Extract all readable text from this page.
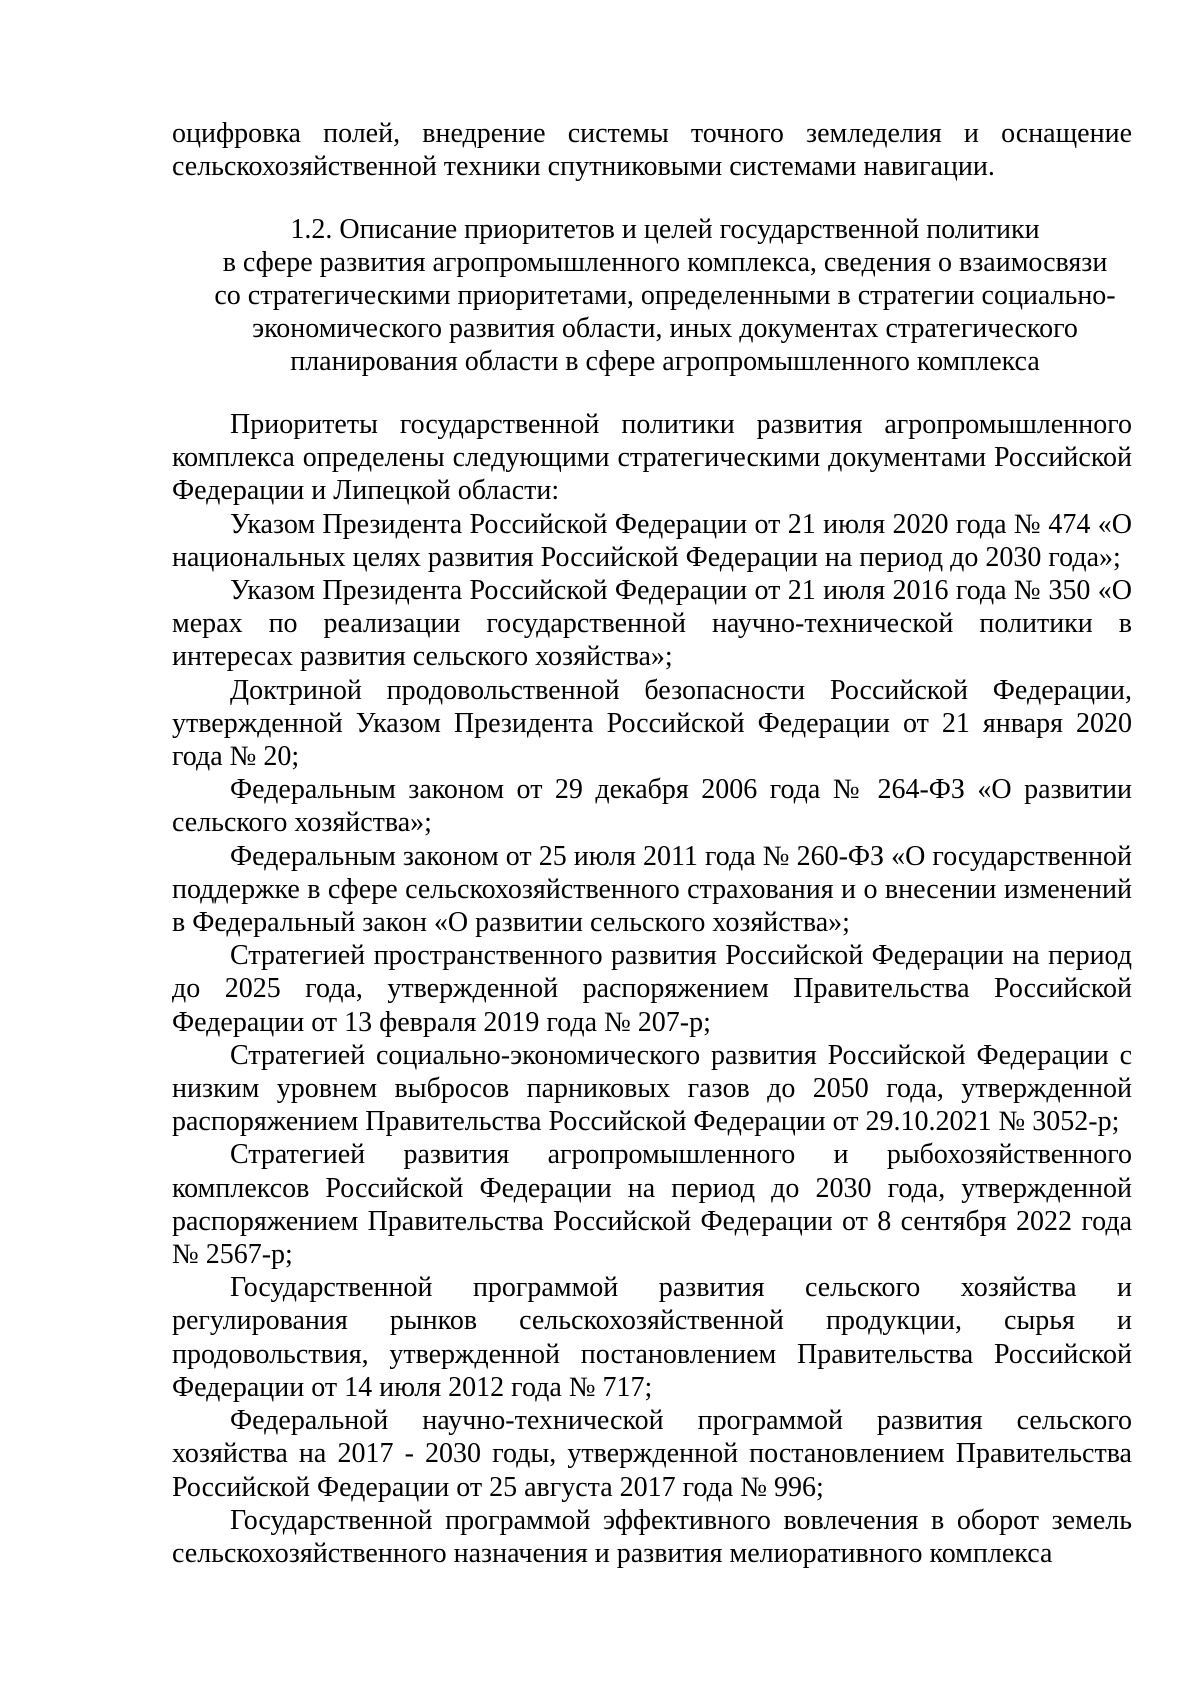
оцифровка полей, внедрение системы точного земледелия и оснащение сельскохозяйственной техники спутниковыми системами навигации.

1.2. Описание приоритетов и целей государственной политики
в сфере развития агропромышленного комплекса, сведения о взаимосвязи
со стратегическими приоритетами, определенными в стратегии социально-
экономического развития области, иных документах стратегического
планирования области в сфере агропромышленного комплекса

Приоритеты государственной политики развития агропромышленного комплекса определены следующими стратегическими документами Российской Федерации и Липецкой области:

Указом Президента Российской Федерации от 21 июля 2020 года № 474 «О национальных целях развития Российской Федерации на период до 2030 года»;

Указом Президента Российской Федерации от 21 июля 2016 года № 350 «О мерах по реализации государственной научно-технической политики в интересах развития сельского хозяйства»;

Доктриной продовольственной безопасности Российской Федерации, утвержденной Указом Президента Российской Федерации от 21 января 2020 года № 20;

Федеральным законом от 29 декабря 2006 года № 264-ФЗ «О развитии сельского хозяйства»;

Федеральным законом от 25 июля 2011 года № 260-ФЗ «О государственной поддержке в сфере сельскохозяйственного страхования и о внесении изменений в Федеральный закон «О развитии сельского хозяйства»;

Стратегией пространственного развития Российской Федерации на период до 2025 года, утвержденной распоряжением Правительства Российской Федерации от 13 февраля 2019 года № 207-р;

Стратегией социально-экономического развития Российской Федерации с низким уровнем выбросов парниковых газов до 2050 года, утвержденной распоряжением Правительства Российской Федерации от 29.10.2021 № 3052-р;

Стратегией развития агропромышленного и рыбохозяйственного комплексов Российской Федерации на период до 2030 года, утвержденной распоряжением Правительства Российской Федерации от 8 сентября 2022 года № 2567-р;

Государственной программой развития сельского хозяйства и регулирования рынков сельскохозяйственной продукции, сырья и продовольствия, утвержденной постановлением Правительства Российской Федерации от 14 июля 2012 года № 717;

Федеральной научно-технической программой развития сельского хозяйства на 2017 - 2030 годы, утвержденной постановлением Правительства Российской Федерации от 25 августа 2017 года № 996;

Государственной программой эффективного вовлечения в оборот земель сельскохозяйственного назначения и развития мелиоративного комплекса
